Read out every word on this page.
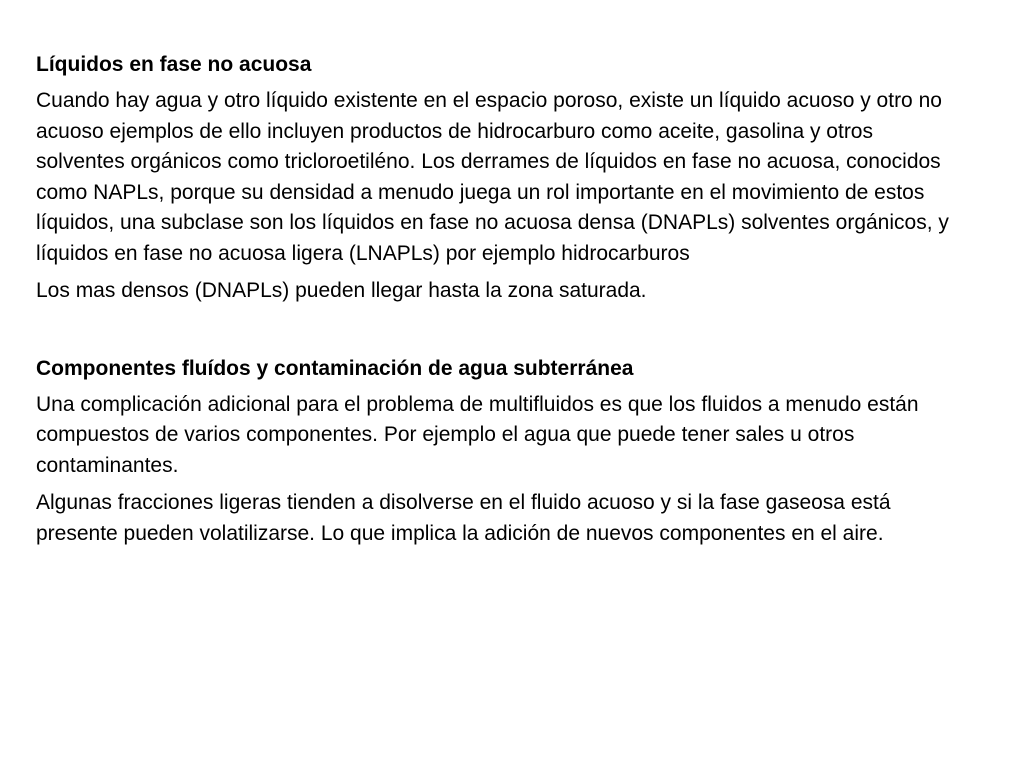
Líquidos en fase no acuosa
Cuando hay agua y otro líquido existente en el espacio poroso, existe un líquido acuoso y otro no acuoso ejemplos de ello incluyen productos de hidrocarburo como aceite, gasolina y otros solventes orgánicos como tricloroetiléno. Los derrames de líquidos en fase no acuosa, conocidos como NAPLs, porque su densidad a menudo juega un rol importante en el movimiento de estos líquidos, una subclase son los líquidos en fase no acuosa densa (DNAPLs) solventes orgánicos, y líquidos en fase no acuosa ligera (LNAPLs) por ejemplo hidrocarburos
Los mas densos (DNAPLs) pueden llegar hasta la zona saturada.
Componentes fluídos y contaminación de agua subterránea
Una complicación adicional para el problema de multifluidos es que los fluidos a menudo están compuestos de varios componentes. Por ejemplo el agua que puede tener sales u otros contaminantes.
Algunas fracciones ligeras tienden a disolverse en el fluido acuoso y si la fase gaseosa está presente pueden volatilizarse. Lo que implica la adición de nuevos componentes en el aire.
